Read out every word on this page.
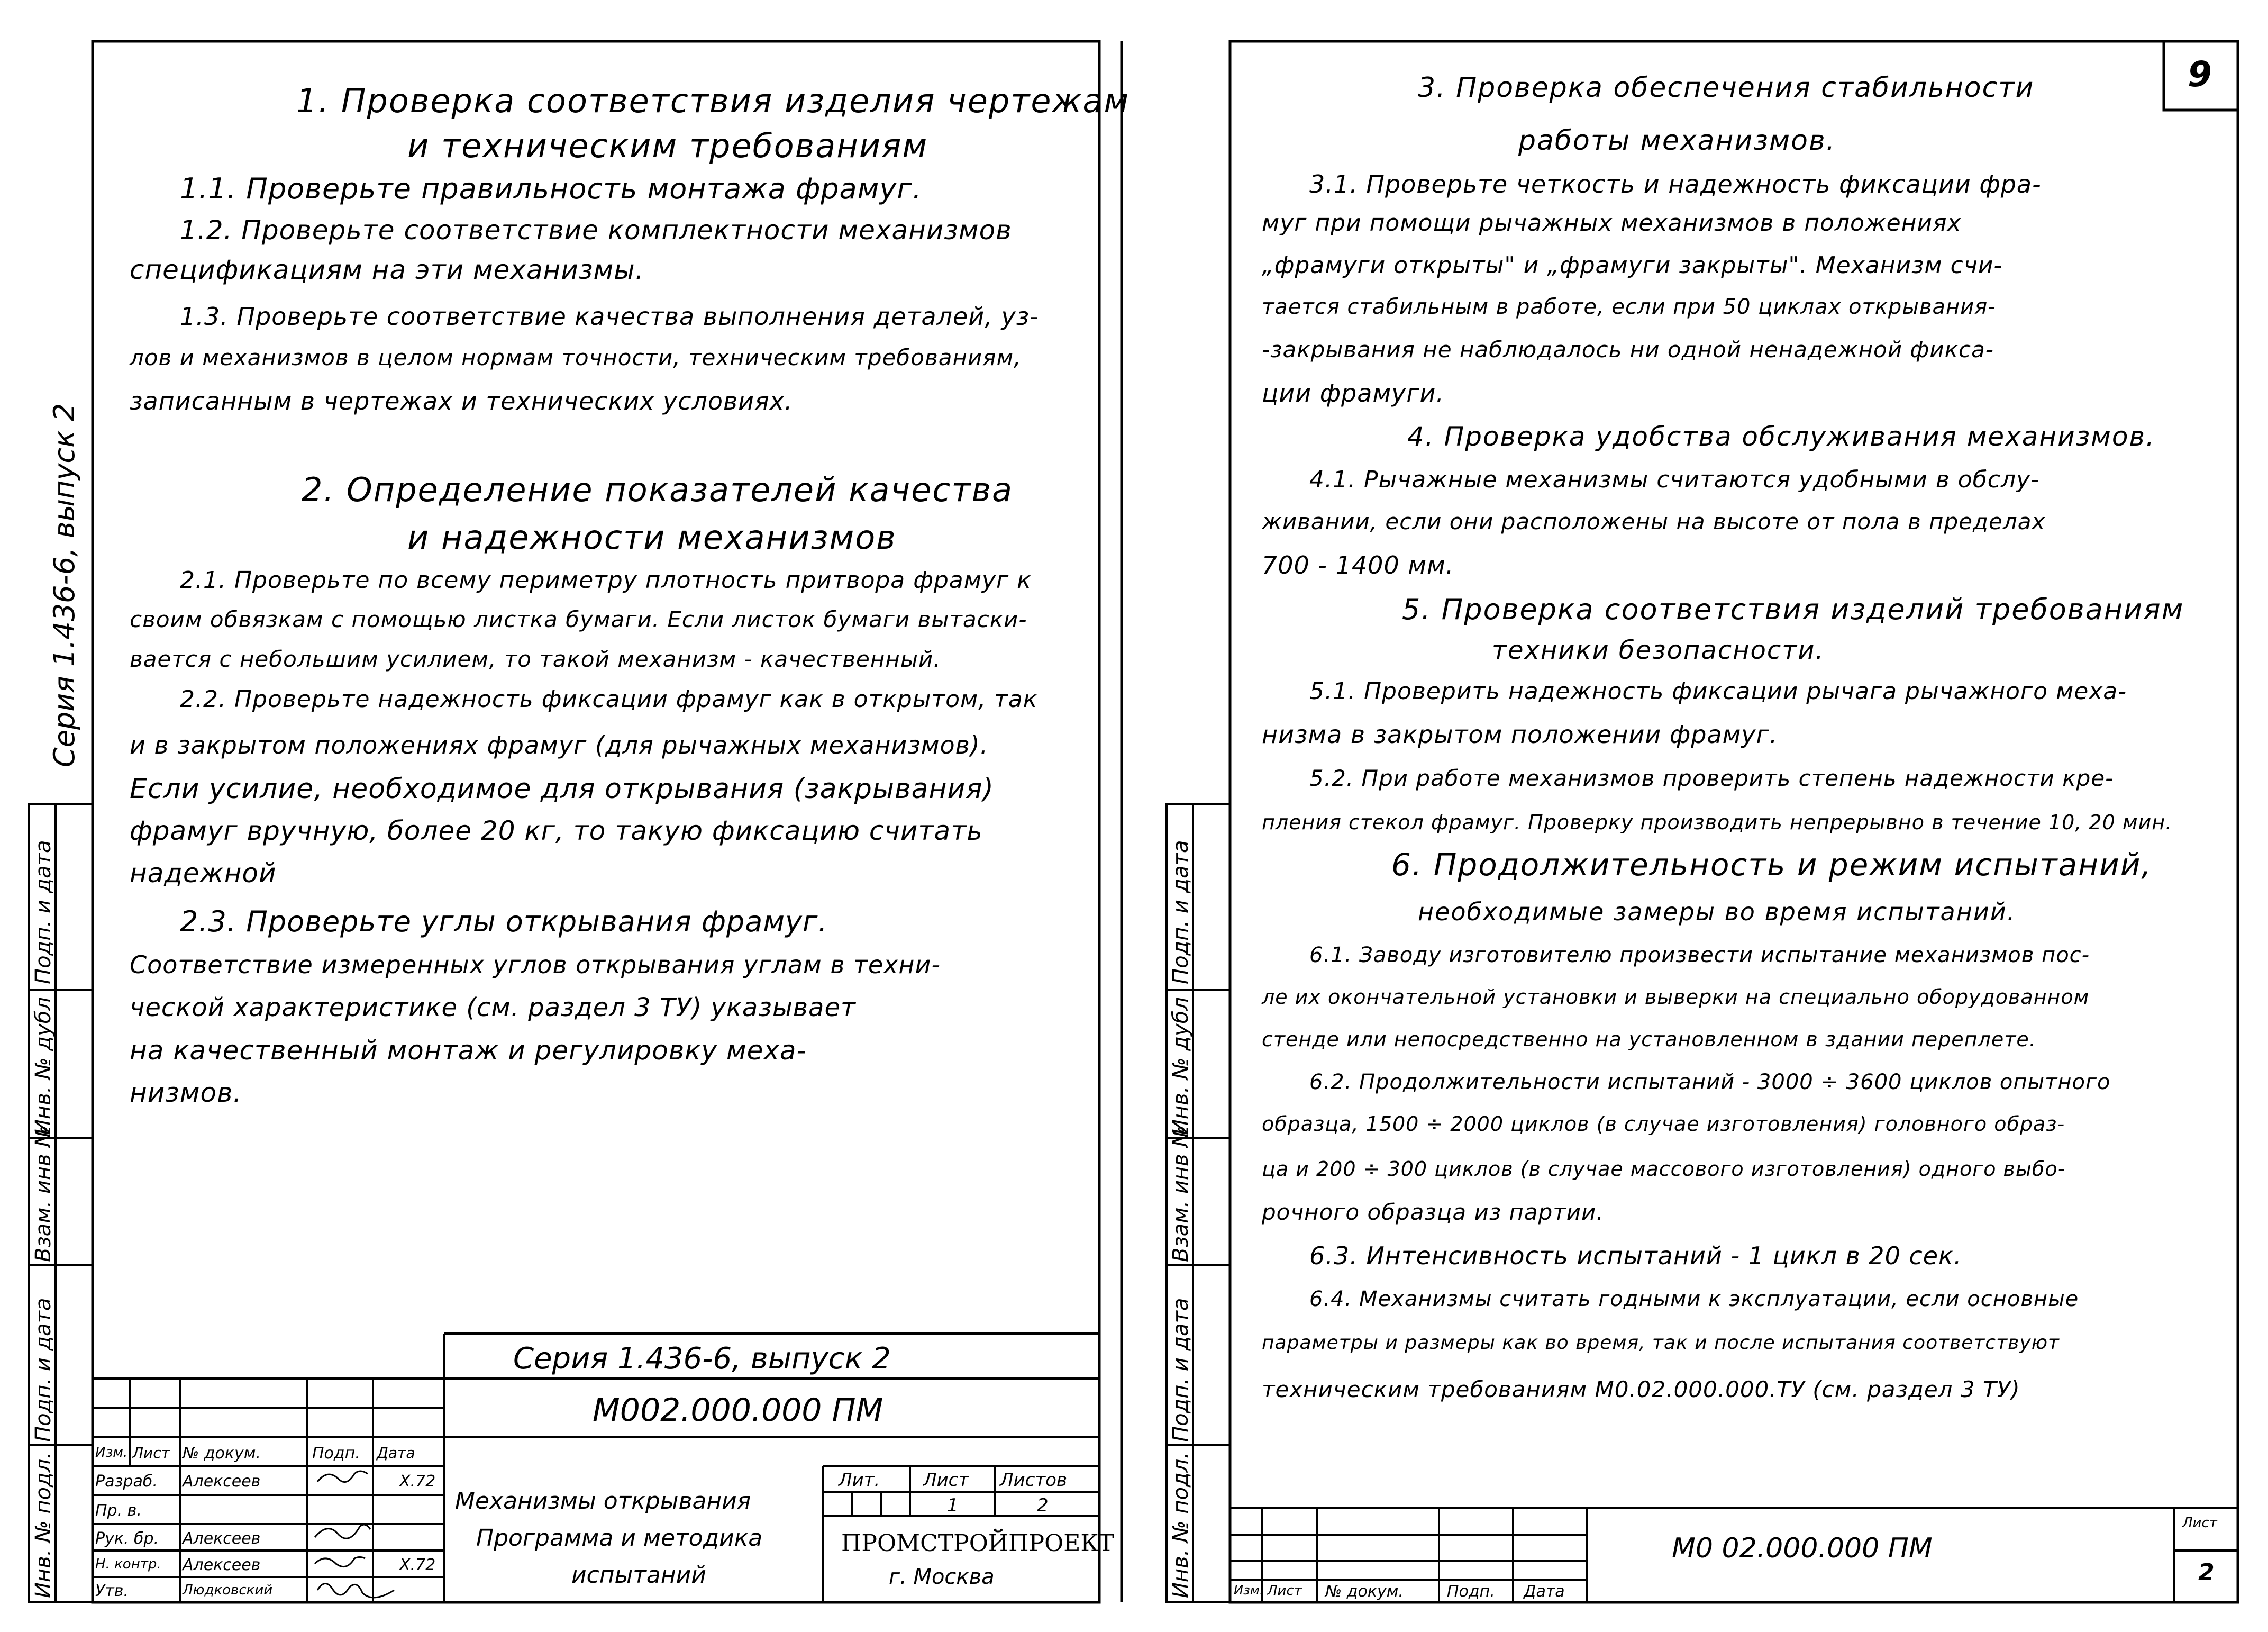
9
Серия 1.436-6, выпуск 2
Подп. и дата
Инв. № дубл
Взам. инв №
Подп. и дата
Инв. № подл.
Подп. и дата
Инв. № дубл
Взам. инв №
Подп. и дата
Инв. № подл.
1. Проверка соответствия изделия чертежам
и техническим требованиям
1.1. Проверьте правильность монтажа фрамуг.
1.2. Проверьте соответствие комплектности механизмов
спецификациям на эти механизмы.
1.3. Проверьте соответствие качества выполнения деталей, уз-
лов и механизмов в целом нормам точности, техническим требованиям,
записанным в чертежах и технических условиях.
2. Определение показателей качества
и надежности механизмов
2.1. Проверьте по всему периметру плотность притвора фрамуг к
своим обвязкам с помощью листка бумаги. Если листок бумаги вытаски-
вается с небольшим усилием, то такой механизм - качественный.
2.2. Проверьте надежность фиксации фрамуг как в открытом, так
и в закрытом положениях фрамуг (для рычажных механизмов).
Если усилие, необходимое для открывания (закрывания)
фрамуг вручную, более 20 кг, то такую фиксацию считать
надежной
2.3. Проверьте углы открывания фрамуг.
Соответствие измеренных углов открывания углам в техни-
ческой характеристике (см. раздел 3 ТУ) указывает
на качественный монтаж и регулировку меха-
низмов.
3. Проверка обеспечения стабильности
работы механизмов.
3.1. Проверьте четкость и надежность фиксации фра-
муг при помощи рычажных механизмов в положениях
„фрамуги открыты" и „фрамуги закрыты". Механизм счи-
тается стабильным в работе, если при 50 циклах открывания-
-закрывания не наблюдалось ни одной ненадежной фикса-
ции фрамуги.
4. Проверка удобства обслуживания механизмов.
4.1. Рычажные механизмы считаются удобными в обслу-
живании, если они расположены на высоте от пола в пределах
700 - 1400 мм.
5. Проверка соответствия изделий требованиям
техники безопасности.
5.1. Проверить надежность фиксации рычага рычажного меха-
низма в закрытом положении фрамуг.
5.2. При работе механизмов проверить степень надежности кре-
пления стекол фрамуг. Проверку производить непрерывно в течение 10, 20 мин.
6. Продолжительность и режим испытаний,
необходимые замеры во время испытаний.
6.1. Заводу изготовителю произвести испытание механизмов пос-
ле их окончательной установки и выверки на специально оборудованном
стенде или непосредственно на установленном в здании переплете.
6.2. Продолжительности испытаний - 3000 ÷ 3600 циклов опытного
образца, 1500 ÷ 2000 циклов (в случае изготовления) головного образ-
ца и 200 ÷ 300 циклов (в случае массового изготовления) одного выбо-
рочного образца из партии.
6.3. Интенсивность испытаний - 1 цикл в 20 сек.
6.4. Механизмы считать годными к эксплуатации, если основные
параметры и размеры как во время, так и после испытания соответствуют
техническим требованиям М0.02.000.000.ТУ (см. раздел 3 ТУ)
Серия 1.436-6, выпуск 2
М002.000.000 ПМ
Изм. Лист № докум.	Подп. Дата
Разраб. Алексеев	X.72
Пр. в.
Рук. бр. Алексеев
Н. контр. Алексеев	X.72
Утв.	Людковский
Механизмы открывания
Программа и методика
испытаний
Лит. Лист Листов
1	2
ПРОМСТРОЙПРОЕКТ
г. Москва
М0 02.000.000 ПМ
Лист
2
Изм. Лист № докум.	Подп. Дата
